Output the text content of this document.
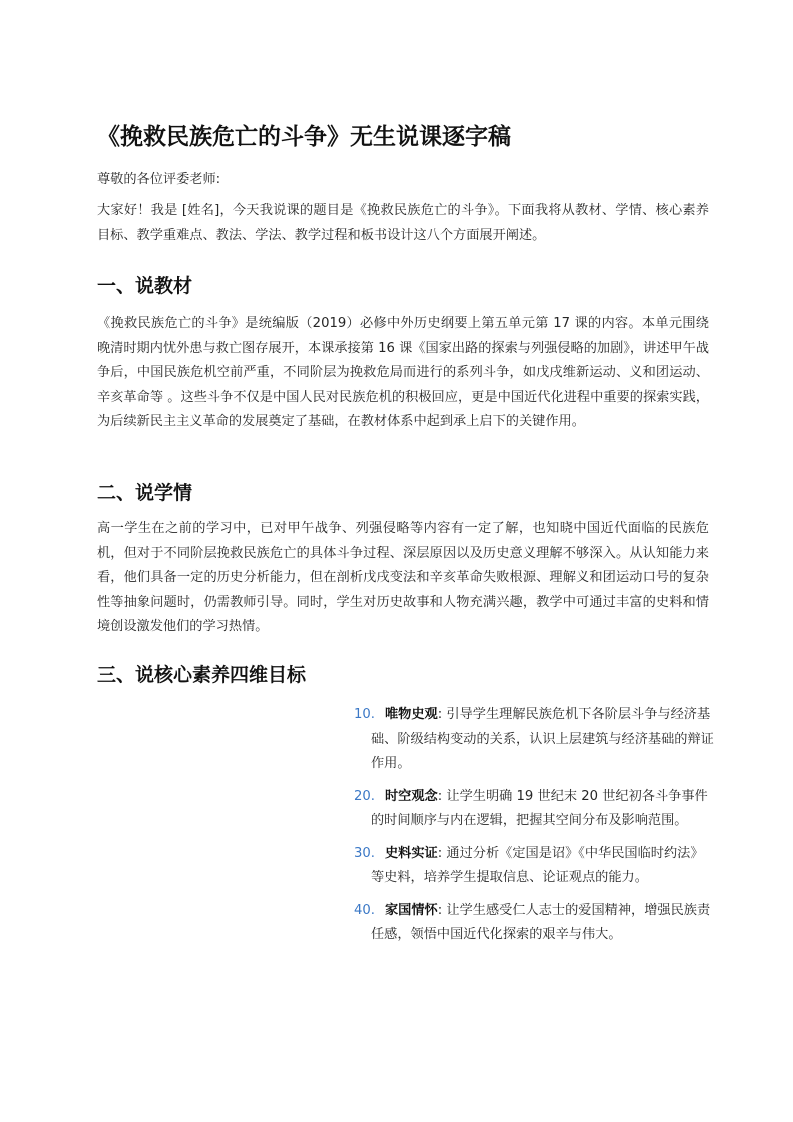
《挽救民族危亡的斗争》无生说课逐字稿

尊敬的各位评委老师:

大家好！我是 [姓名]，今天我说课的题目是《挽救民族危亡的斗争》。下面我将从教材、学情、核心素养目标、教学重难点、教法、学法、教学过程和板书设计这八个方面展开阐述。

一、说教材

《挽救民族危亡的斗争》是统编版（2019）必修中外历史纲要上第五单元第 17 课的内容。本单元围绕晚清时期内忧外患与救亡图存展开，本课承接第 16 课《国家出路的探索与列强侵略的加剧》，讲述甲午战争后，中国民族危机空前严重，不同阶层为挽救危局而进行的系列斗争，如戊戌维新运动、义和团运动、辛亥革命等 。这些斗争不仅是中国人民对民族危机的积极回应，更是中国近代化进程中重要的探索实践，为后续新民主主义革命的发展奠定了基础，在教材体系中起到承上启下的关键作用。

二、说学情

高一学生在之前的学习中，已对甲午战争、列强侵略等内容有一定了解，也知晓中国近代面临的民族危机，但对于不同阶层挽救民族危亡的具体斗争过程、深层原因以及历史意义理解不够深入。从认知能力来看，他们具备一定的历史分析能力，但在剖析戊戌变法和辛亥革命失败根源、理解义和团运动口号的复杂性等抽象问题时，仍需教师引导。同时，学生对历史故事和人物充满兴趣，教学中可通过丰富的史料和情境创设激发他们的学习热情。

三、说核心素养四维目标
10. 唯物史观: 引导学生理解民族危机下各阶层斗争与经济基础、阶级结构变动的关系，认识上层建筑与经济基础的辩证作用。
20. 时空观念: 让学生明确 19 世纪末 20 世纪初各斗争事件的时间顺序与内在逻辑，把握其空间分布及影响范围。
30. 史料实证: 通过分析《定国是诏》《中华民国临时约法》等史料，培养学生提取信息、论证观点的能力。
40. 家国情怀: 让学生感受仁人志士的爱国精神，增强民族责任感，领悟中国近代化探索的艰辛与伟大。
